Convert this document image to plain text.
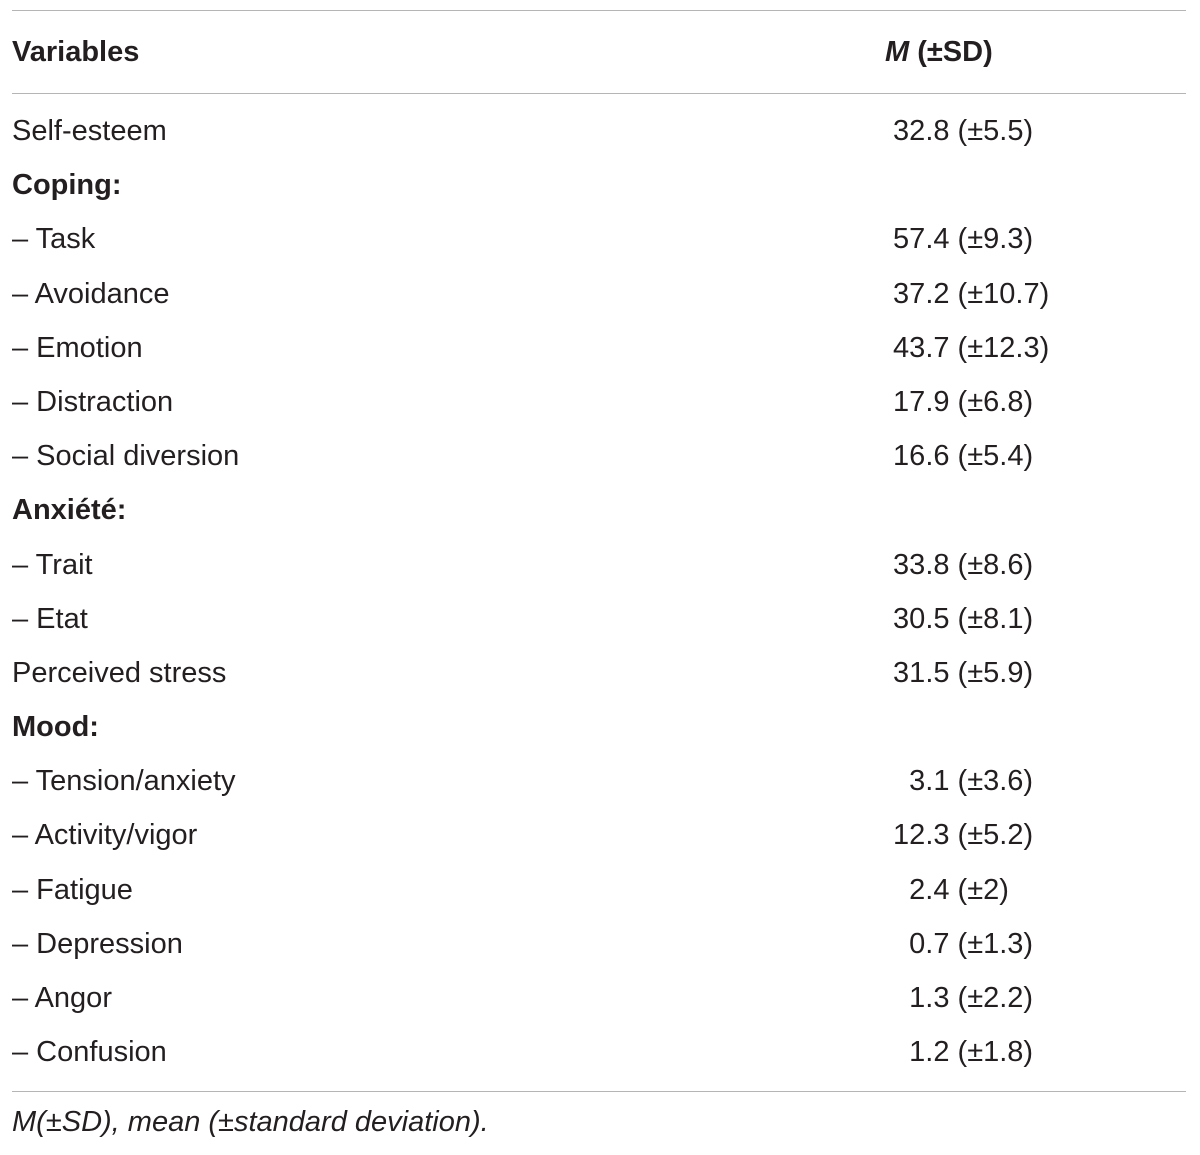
Variables	M (±SD)
Self-esteem	32.8 (±5.5)
Coping:
– Task	57.4 (±9.3)
– Avoidance	37.2 (±10.7)
– Emotion	43.7 (±12.3)
– Distraction	17.9 (±6.8)
– Social diversion	16.6 (±5.4)
Anxiété:
– Trait	33.8 (±8.6)
– Etat	30.5 (±8.1)
Perceived stress	31.5 (±5.9)
Mood:
– Tension/anxiety	3.1 (±3.6)
– Activity/vigor	12.3 (±5.2)
– Fatigue	2.4 (±2)
– Depression	0.7 (±1.3)
– Angor	1.3 (±2.2)
– Confusion	1.2 (±1.8)
M(±SD), mean (±standard deviation).
